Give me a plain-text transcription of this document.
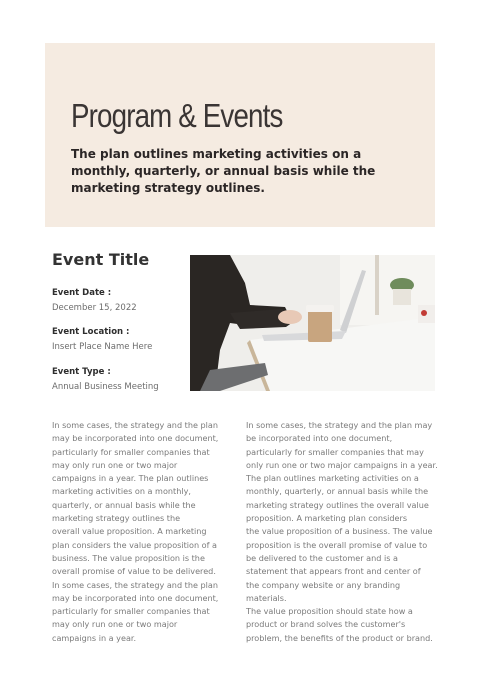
Program & Events
The plan outlines marketing activities on a monthly, quarterly, or annual basis while the marketing strategy outlines.
Event Title
Event Date :
December 15, 2022
Event Location :
Insert Place Name Here
Event Type :
Annual Business Meeting

In some cases, the strategy and the plan

may be incorporated into one document,

particularly for smaller companies that

may only run one or two major

campaigns in a year. The plan outlines

marketing activities on a monthly,

quarterly, or annual basis while the

marketing strategy outlines the

overall value proposition. A marketing

plan considers the value proposition of a

business. The value proposition is the

overall promise of value to be delivered.

In some cases, the strategy and the plan

may be incorporated into one document,

particularly for smaller companies that

may only run one or two major

campaigns in a year.

In some cases, the strategy and the plan may

be incorporated into one document,

particularly for smaller companies that may

only run one or two major campaigns in a year.

The plan outlines marketing activities on a

monthly, quarterly, or annual basis while the

marketing strategy outlines the overall value

proposition. A marketing plan considers

the value proposition of a business. The value

proposition is the overall promise of value to

be delivered to the customer and is a

statement that appears front and center of

the company website or any branding

materials.

The value proposition should state how a

product or brand solves the customer's

problem, the benefits of the product or brand.
